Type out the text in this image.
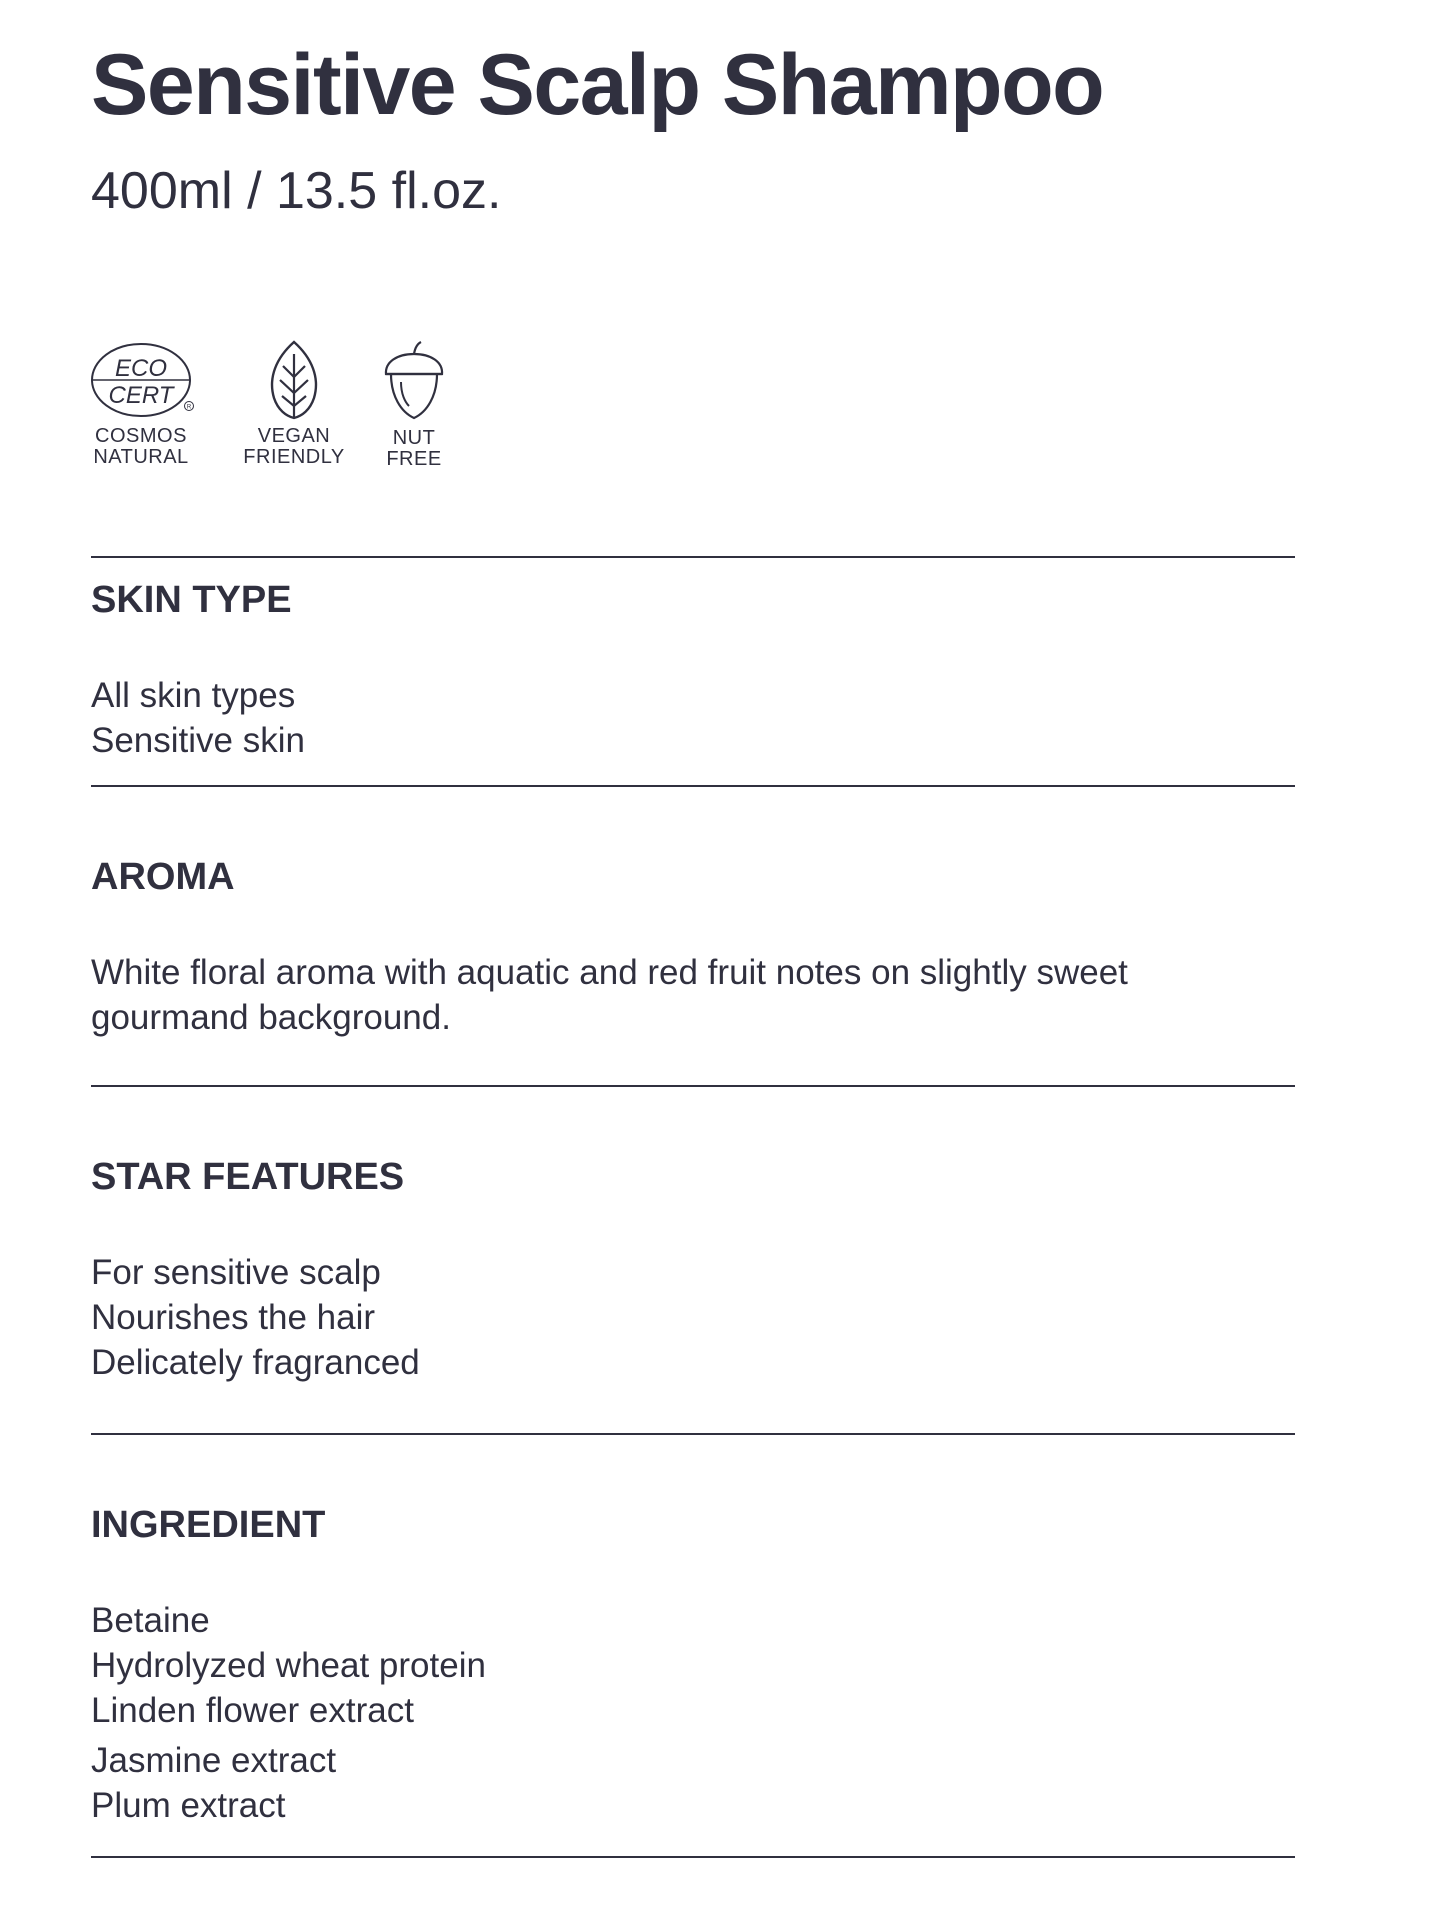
Sensitive Scalp Shampoo
400ml / 13.5 fl.oz.
ECO
CERT	R
COSMOS
NATURAL
VEGAN
FRIENDLY
NUT
FREE
SKIN TYPE
All skin types
Sensitive skin
AROMA
White floral aroma with aquatic and red fruit notes on slightly sweet
gourmand background.
STAR FEATURES
For sensitive scalp
Nourishes the hair
Delicately fragranced
INGREDIENT
Betaine
Hydrolyzed wheat protein
Linden flower extract
Jasmine extract
Plum extract
